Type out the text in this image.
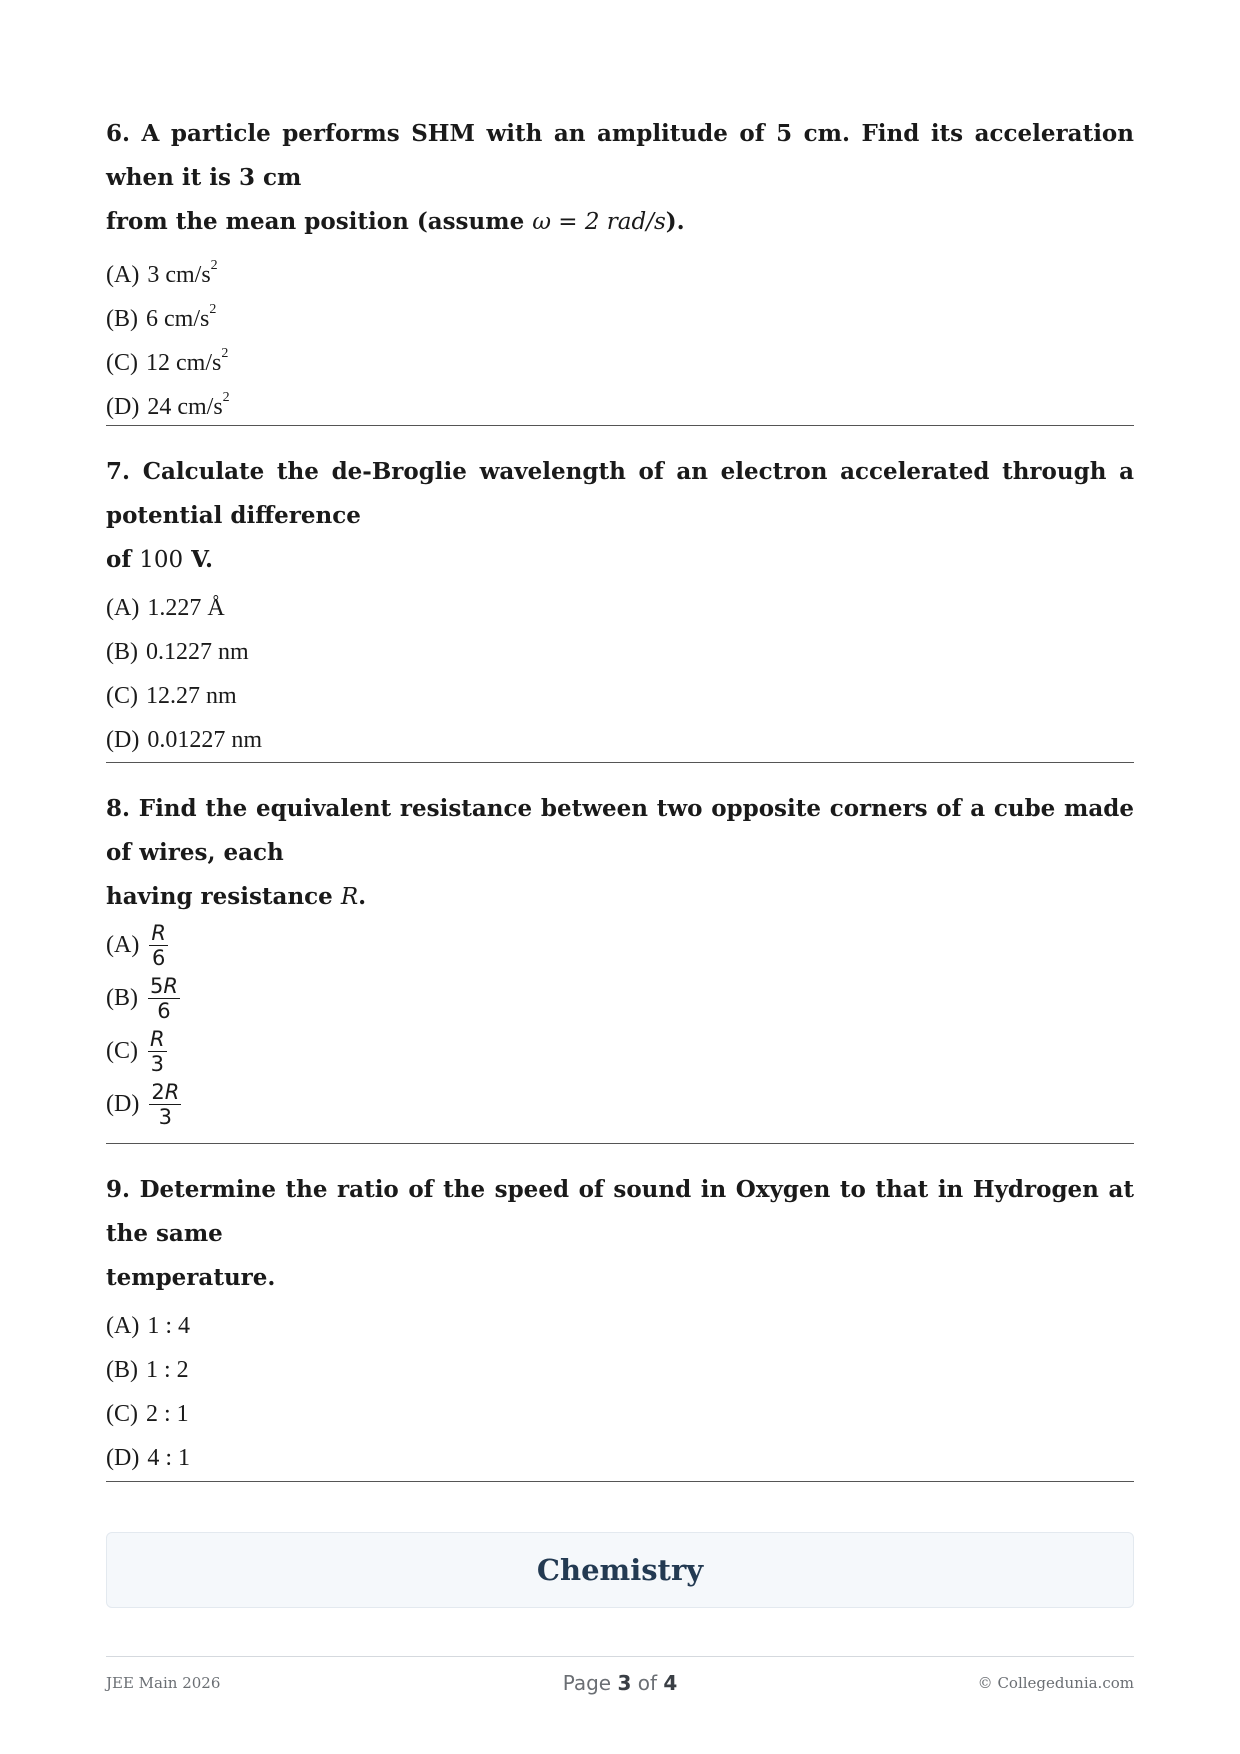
6. A particle performs SHM with an amplitude of 5 cm. Find its acceleration when it is 3 cm
from the mean position (assume ω = 2 rad/s).

(A) 3 $cm/s^2$
(B) 6 $cm/s^2$
(C) 12 $cm/s^2$
(D) 24 $cm/s^2$

7. Calculate the de-Broglie wavelength of an electron accelerated through a potential difference
of 100 V.

(A) 1.227 Å
(B) 0.1227 nm
(C) 12.27 nm
(D) 0.01227 nm

8. Find the equivalent resistance between two opposite corners of a cube made of wires, each
having resistance R.

$(A) \frac{R}{6}$
$(B) \frac{5R}{6}$
$(C) \frac{R}{3}$
$(D) \frac{2R}{3}$

9. Determine the ratio of the speed of sound in Oxygen to that in Hydrogen at the same
temperature.

(A) 1 : 4
(B) 1 : 2
(C) 2 : 1
(D) 4 : 1
Chemistry
JEE Main 2026	Page 3 of 4	© Collegedunia.com
